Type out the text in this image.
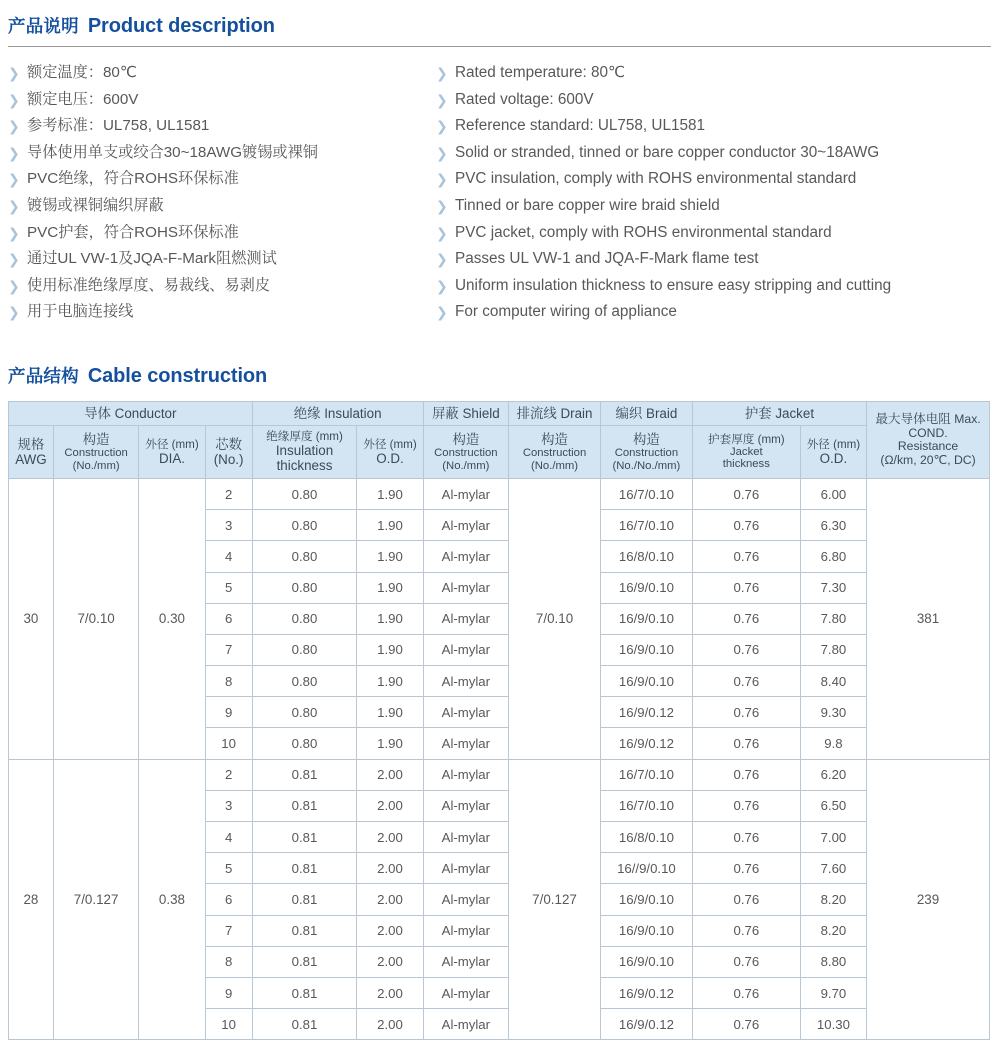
产品说明 Product description
❯ 额定温度：80℃
❯ 额定电压：600V
❯ 参考标准：UL758, UL1581
❯ 导体使用单支或绞合30~18AWG镀锡或裸铜
❯ PVC绝缘，符合ROHS环保标准
❯ 镀锡或裸铜编织屏蔽
❯ PVC护套，符合ROHS环保标准
❯ 通过UL VW-1及JQA-F-Mark阻燃测试
❯ 使用标准绝缘厚度、易裁线、易剥皮
❯ 用于电脑连接线
❯ Rated temperature: 80℃
❯ Rated voltage: 600V
❯ Reference standard: UL758, UL1581
❯ Solid or stranded, tinned or bare copper conductor 30~18AWG
❯ PVC insulation, comply with ROHS environmental standard
❯ Tinned or bare copper wire braid shield
❯ PVC jacket, comply with ROHS environmental standard
❯ Passes UL VW-1 and JQA-F-Mark flame test
❯ Uniform insulation thickness to ensure easy stripping and cutting
❯ For computer wiring of appliance
产品结构 Cable construction
导体 Conductor				绝缘 Insulation		屏蔽 Shield	排流线 Drain	编织 Braid	护套 Jacket		最大导体电阻 Max. COND.
Resistance
(Ω/km, 20℃, DC)

规格
AWG	构造
Construction
(No./mm)	外径 (mm)
DIA.	芯数
(No.)	绝缘厚度 (mm)
Insulation
thickness	外径 (mm)
O.D.	构造
Construction
(No./mm)	构造
Construction
(No./mm)	构造
Construction
(No./No./mm)	护套厚度 (mm)
Jacket
thickness	外径 (mm)
O.D.	

30	7/0.10	0.30	2	0.80	1.90	Al-mylar	7/0.10	16/7/0.10	0.76	6.00	381
			3	0.80	1.90	Al-mylar		16/7/0.10	0.76	6.30	
			4	0.80	1.90	Al-mylar		16/8/0.10	0.76	6.80	
			5	0.80	1.90	Al-mylar		16/9/0.10	0.76	7.30	
			6	0.80	1.90	Al-mylar		16/9/0.10	0.76	7.80	
			7	0.80	1.90	Al-mylar		16/9/0.10	0.76	7.80	
			8	0.80	1.90	Al-mylar		16/9/0.10	0.76	8.40	
			9	0.80	1.90	Al-mylar		16/9/0.12	0.76	9.30	
			10	0.80	1.90	Al-mylar		16/9/0.12	0.76	9.8	
28	7/0.127	0.38	2	0.81	2.00	Al-mylar	7/0.127	16/7/0.10	0.76	6.20	239
			3	0.81	2.00	Al-mylar		16/7/0.10	0.76	6.50	
			4	0.81	2.00	Al-mylar		16/8/0.10	0.76	7.00	
			5	0.81	2.00	Al-mylar		16//9/0.10	0.76	7.60	
			6	0.81	2.00	Al-mylar		16/9/0.10	0.76	8.20	
			7	0.81	2.00	Al-mylar		16/9/0.10	0.76	8.20	
			8	0.81	2.00	Al-mylar		16/9/0.10	0.76	8.80	
			9	0.81	2.00	Al-mylar		16/9/0.12	0.76	9.70	
			10	0.81	2.00	Al-mylar		16/9/0.12	0.76	10.30	
